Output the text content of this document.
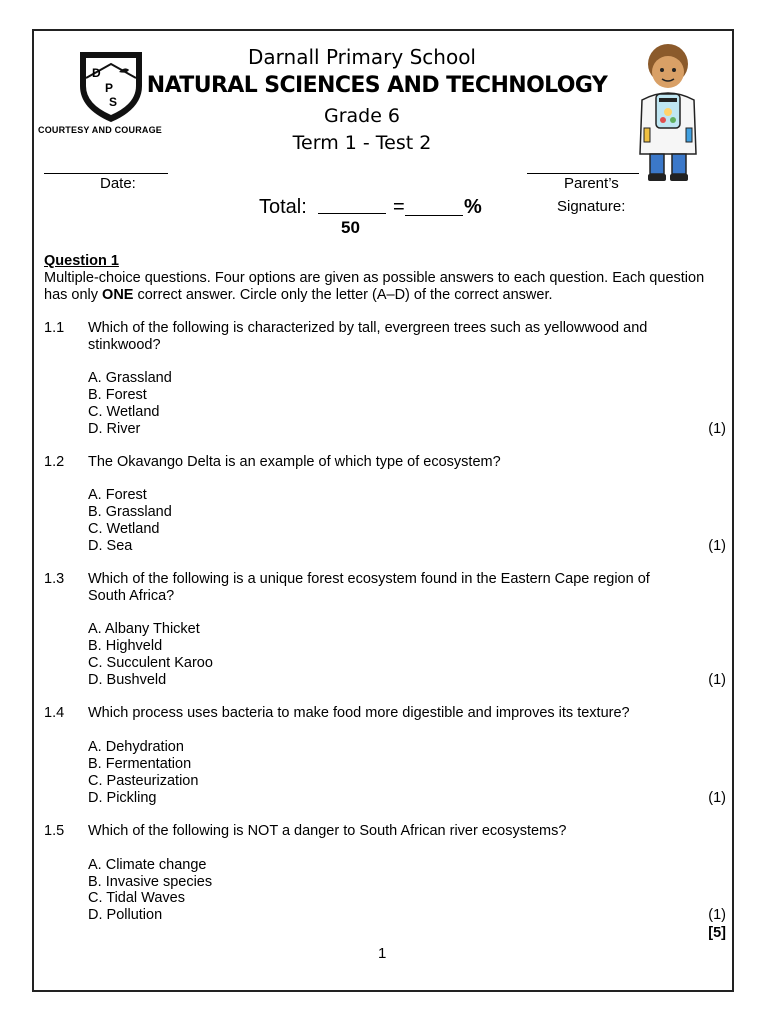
D
P
S
COURTESY AND COURAGE
Darnall Primary School
NATURAL SCIENCES AND TECHNOLOGY
Grade 6
Term 1 - Test 2
Date:	Parent’s
Signature:
Total:	=	%
50
Question 1
Multiple-choice questions. Four options are given as possible answers to each question. Each question has only ONE correct answer. Circle only the letter (A–D) of the correct answer.
1.1 Which of the following is characterized by tall, evergreen trees such as yellowwood and stinkwood?
A. Grassland
B. Forest
C. Wetland
D. River	(1)
1.2 The Okavango Delta is an example of which type of ecosystem?
A. Forest
B. Grassland
C. Wetland
D. Sea	(1)
1.3 Which of the following is a unique forest ecosystem found in the Eastern Cape region of South Africa?
A. Albany Thicket
B. Highveld
C. Succulent Karoo
D. Bushveld	(1)
1.4 Which process uses bacteria to make food more digestible and improves its texture?
A. Dehydration
B. Fermentation
C. Pasteurization
D. Pickling	(1)
1.5 Which of the following is NOT a danger to South African river ecosystems?
A. Climate change
B. Invasive species
C. Tidal Waves
D. Pollution	(1)
[5]
1
